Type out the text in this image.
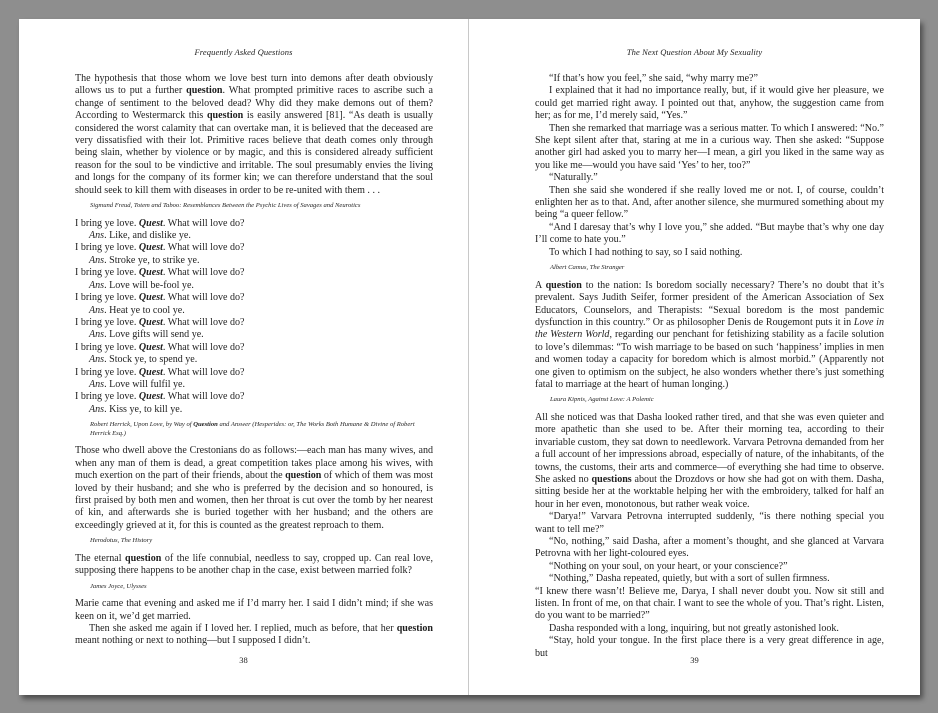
Frequently Asked Questions

The hypothesis that those whom we love best turn into demons after death obviously allows us to put a further question. What prompted primitive races to ascribe such a change of sentiment to the beloved dead? Why did they make demons out of them? According to Westermarck this question is easily answered [81]. “As death is usually considered the worst calamity that can overtake man, it is believed that the deceased are very dissatisfied with their lot. Primitive races believe that death comes only through being slain, whether by violence or by magic, and this is considered already sufficient reason for the soul to be vindictive and irritable. The soul presumably envies the living and longs for the company of its former kin; we can therefore understand that the soul should seek to kill them with diseases in order to be re-united with them . . .

Sigmund Freud, Totem and Taboo: Resemblances Between the Psychic Lives of Savages and Neurotics
I bring ye love. Quest. What will love do?
Ans. Like, and dislike ye.
I bring ye love. Quest. What will love do?
Ans. Stroke ye, to strike ye.
I bring ye love. Quest. What will love do?
Ans. Love will be-fool ye.
I bring ye love. Quest. What will love do?
Ans. Heat ye to cool ye.
I bring ye love. Quest. What will love do?
Ans. Love gifts will send ye.
I bring ye love. Quest. What will love do?
Ans. Stock ye, to spend ye.
I bring ye love. Quest. What will love do?
Ans. Love will fulfil ye.
I bring ye love. Quest. What will love do?
Ans. Kiss ye, to kill ye.
Robert Herrick, Upon Love, by Way of Question and Answer (Hesperides: or, The Works Both Humane & Divine of Robert Herrick Esq.)

Those who dwell above the Crestonians do as follows:—each man has many wives, and when any man of them is dead, a great competition takes place among his wives, with much exertion on the part of their friends, about the question of which of them was most loved by their husband; and she who is preferred by the decision and so honoured, is first praised by both men and women, then her throat is cut over the tomb by her nearest of kin, and afterwards she is buried together with her husband; and the others are exceedingly grieved at it, for this is counted as the greatest reproach to them.

Herodotus, The History

The eternal question of the life connubial, needless to say, cropped up. Can real love, supposing there happens to be another chap in the case, exist between married folk?

James Joyce, Ulysses

Marie came that evening and asked me if I’d marry her. I said I didn’t mind; if she was keen on it, we’d get married.

Then she asked me again if I loved her. I replied, much as before, that her question meant nothing or next to nothing—but I supposed I didn’t.

38
The Next Question About My Sexuality

“If that’s how you feel,” she said, “why marry me?”

I explained that it had no importance really, but, if it would give her pleasure, we could get married right away. I pointed out that, anyhow, the suggestion came from her; as for me, I’d merely said, “Yes.”

Then she remarked that marriage was a serious matter. To which I answered: “No.” She kept silent after that, staring at me in a curious way. Then she asked: “Suppose another girl had asked you to marry her—I mean, a girl you liked in the same way as you like me—would you have said ‘Yes’ to her, too?”

“Naturally.”

Then she said she wondered if she really loved me or not. I, of course, couldn’t enlighten her as to that. And, after another silence, she murmured something about my being “a queer fellow.”

“And I daresay that’s why I love you,” she added. “But maybe that’s why one day I’ll come to hate you.”

To which I had nothing to say, so I said nothing.

Albert Camus, The Stranger

A question to the nation: Is boredom socially necessary? There’s no doubt that it’s prevalent. Says Judith Seifer, former president of the American Association of Sex Educators, Counselors, and Therapists: “Sexual boredom is the most pandemic dysfunction in this country.” Or as philosopher Denis de Rougemont puts it in Love in the Western World, regarding our penchant for fetishizing stability as a facile solution to love’s dilemmas: “To wish marriage to be based on such ‘happiness’ implies in men and women today a capacity for boredom which is almost morbid.” (Apparently not one given to optimism on the subject, he also wonders whether there’s just something fatal to marriage at the heart of human longing.)

Laura Kipnis, Against Love: A Polemic

All she noticed was that Dasha looked rather tired, and that she was even quieter and more apathetic than she used to be. After their morning tea, according to their invariable custom, they sat down to needlework. Varvara Petrovna demanded from her a full account of her impressions abroad, especially of nature, of the inhabitants, of the towns, the customs, their arts and commerce—of everything she had time to observe. She asked no questions about the Drozdovs or how she had got on with them. Dasha, sitting beside her at the worktable helping her with the embroidery, talked for half an hour in her even, monotonous, but rather weak voice.

“Darya!” Varvara Petrovna interrupted suddenly, “is there nothing special you want to tell me?”

“No, nothing,” said Dasha, after a moment’s thought, and she glanced at Varvara Petrovna with her light-coloured eyes.

“Nothing on your soul, on your heart, or your conscience?”

“Nothing,” Dasha repeated, quietly, but with a sort of sullen firmness.

“I knew there wasn’t! Believe me, Darya, I shall never doubt you. Now sit still and listen. In front of me, on that chair. I want to see the whole of you. That’s right. Listen, do you want to be married?”

Dasha responded with a long, inquiring, but not greatly astonished look.

“Stay, hold your tongue. In the first place there is a very great difference in age, but

39
